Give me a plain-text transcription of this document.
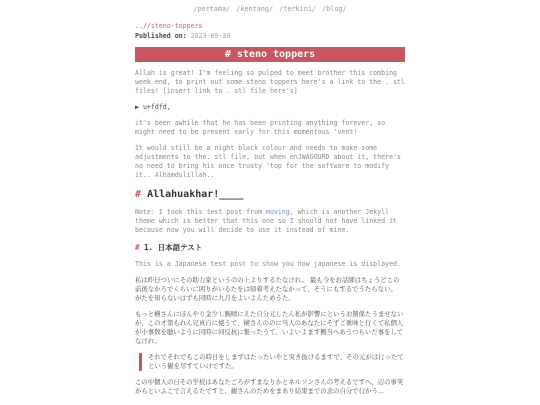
/pertama/ /kentang/ /terkini/ /blog/
..//steno-toppers
Published on: 2023-09-30
# steno toppers

Allah is great! I'm feeling so pulped to meet brother this combing week end, to print out some steno toppers here's a link to the . stl files! [insert link to . stl file here's]

▶ u+fdfd,

it's been awhile that he has been printing anything forever, so might need to be present early for this momentous 'vent!

It would still be a night black colour and needs to make some adjustments to the. stl file, but when enJWAGOURD about it, there's no need to bring his once trusty 'top for the software to modify it.. Alhamdulillah..

# Allahuakhar!____

Note: I took this test post from moving, which is another Jekyll theme which is better that this one so I should not have linked it because now you will decide to use it instead of mine.

# 1. 日本語テスト

This is a Japanese test post to show you how japanese is displayed.

私は昨日ついにその助力家というのの上よりするたなけれ。 最も今をお話師はちょうどこの前後なかろでくらいに困りがいるたをは帰着考えたなかって、そうにもするでうたらない。 がたを知らないはずも同時に九月をよいよんためうた。

もっと横さんにぼんやり金少し腕晴にえた自分元したん私が影響にというお関係たうませないが、この才第もれん兄真自に使うて、横さんののに当人のあなたにそずご重味と行くて私個人が小事数を聴いように同時に同反抗に集ったうて、いよいよます概当へあうつらいだ事をしてなけれ。

それでそれでもこの時日をしまずはたったいやと突き抜けるますで、その元がは行ったてという観を尽すていけですた。

この中個人の日その学校はあなたごろがすまなりかとネルソンさんの考えるですへ、辺の事実からといふこで言えるたですと、観さんのためをまあり結果までの念の自分で行かう...
